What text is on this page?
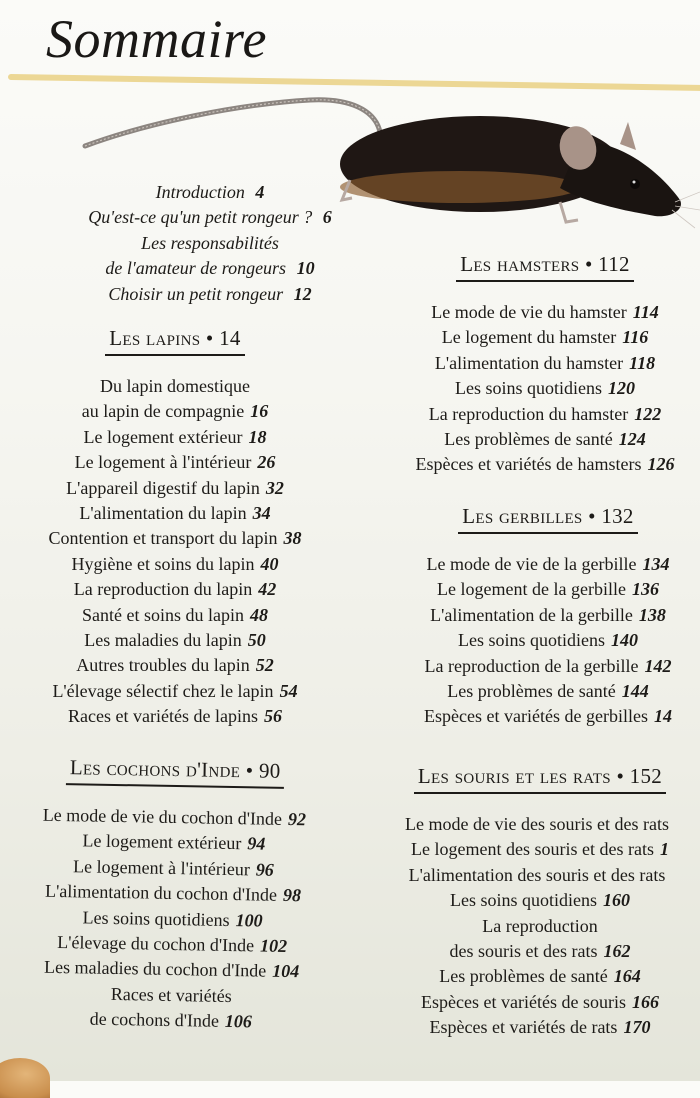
Sommaire
Introduction 4
Qu'est-ce qu'un petit rongeur ? 6
Les responsabilités
de l'amateur de rongeurs 10
Choisir un petit rongeur 12
Les lapins • 14
Du lapin domestique
au lapin de compagnie 16
Le logement extérieur 18
Le logement à l'intérieur 26
L'appareil digestif du lapin 32
L'alimentation du lapin 34
Contention et transport du lapin 38
Hygiène et soins du lapin 40
La reproduction du lapin 42
Santé et soins du lapin 48
Les maladies du lapin 50
Autres troubles du lapin 52
L'élevage sélectif chez le lapin 54
Races et variétés de lapins 56
Les cochons d'Inde • 90
Le mode de vie du cochon d'Inde 92
Le logement extérieur 94
Le logement à l'intérieur 96
L'alimentation du cochon d'Inde 98
Les soins quotidiens 100
L'élevage du cochon d'Inde 102
Les maladies du cochon d'Inde 104
Races et variétés
de cochons d'Inde 106
Les hamsters • 112
Le mode de vie du hamster 114
Le logement du hamster 116
L'alimentation du hamster 118
Les soins quotidiens 120
La reproduction du hamster 122
Les problèmes de santé 124
Espèces et variétés de hamsters 126
Les gerbilles • 132
Le mode de vie de la gerbille 134
Le logement de la gerbille 136
L'alimentation de la gerbille 138
Les soins quotidiens 140
La reproduction de la gerbille 142
Les problèmes de santé 144
Espèces et variétés de gerbilles 14
Les souris et les rats • 152
Le mode de vie des souris et des rats
Le logement des souris et des rats 1
L'alimentation des souris et des rats
Les soins quotidiens 160
La reproduction
des souris et des rats 162
Les problèmes de santé 164
Espèces et variétés de souris 166
Espèces et variétés de rats 170
